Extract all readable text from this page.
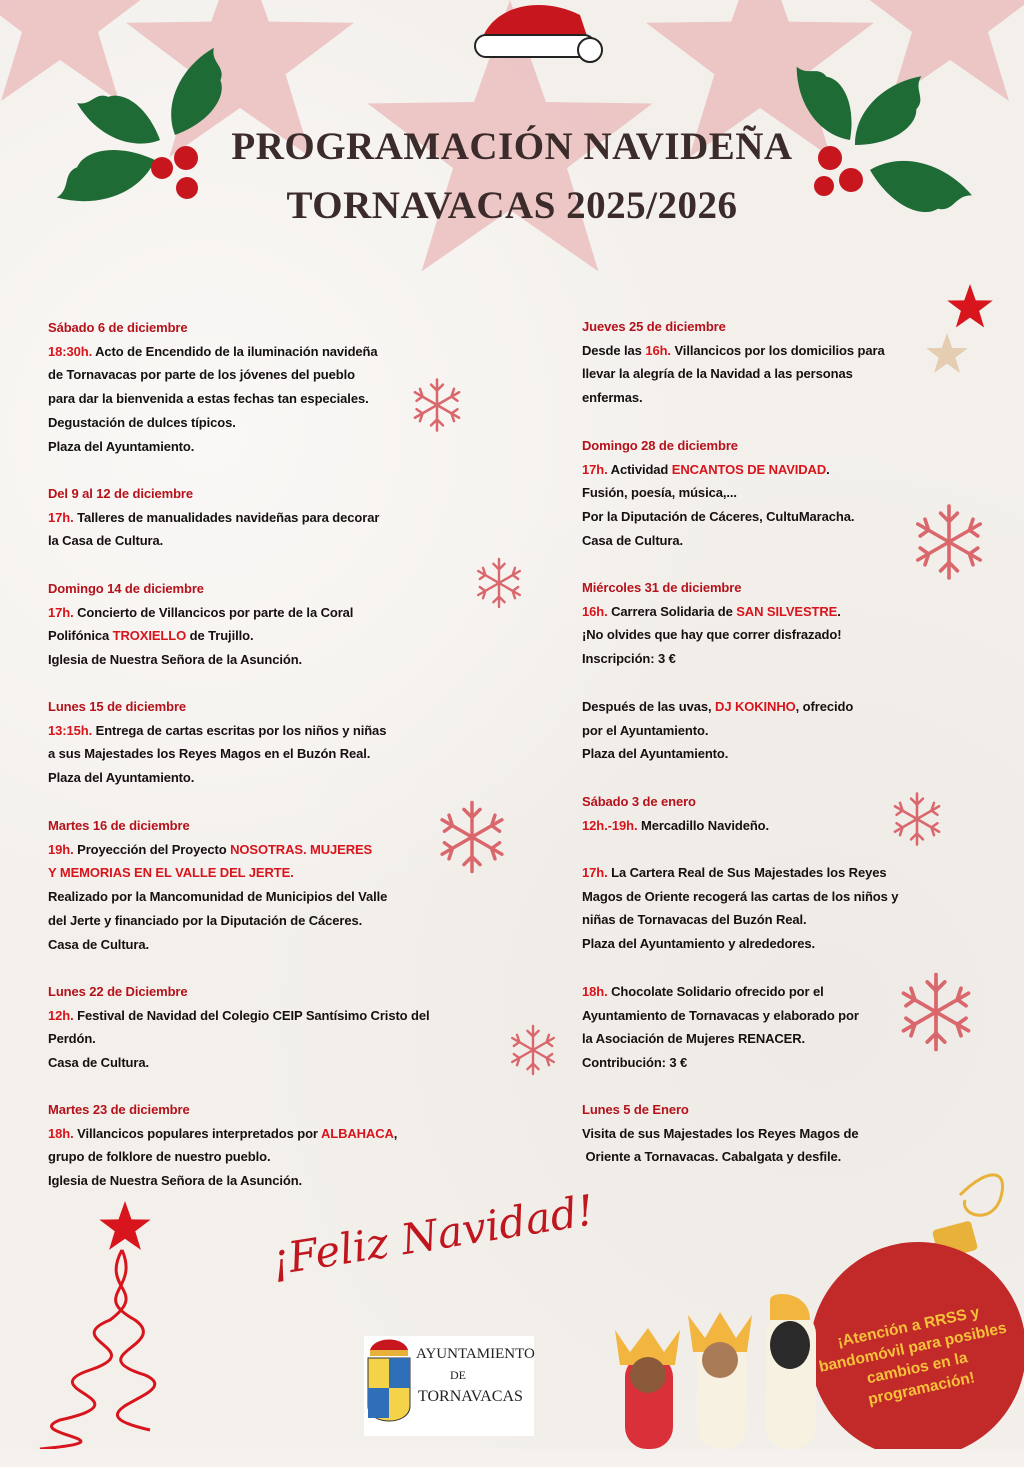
PROGRAMACIÓN NAVIDEÑA
TORNAVACAS 2025/2026
Sábado 6 de diciembre
18:30h. Acto de Encendido de la iluminación navideña
de Tornavacas por parte de los jóvenes del pueblo
para dar la bienvenida a estas fechas tan especiales.
Degustación de dulces típicos.
Plaza del Ayuntamiento.
Del 9 al 12 de diciembre
17h. Talleres de manualidades navideñas para decorar
la Casa de Cultura.
Domingo 14 de diciembre
17h. Concierto de Villancicos por parte de la Coral
Polifónica TROXIELLO de Trujillo.
Iglesia de Nuestra Señora de la Asunción.
Lunes 15 de diciembre
13:15h. Entrega de cartas escritas por los niños y niñas
a sus Majestades los Reyes Magos en el Buzón Real.
Plaza del Ayuntamiento.
Martes 16 de diciembre
19h. Proyección del Proyecto NOSOTRAS. MUJERES
Y MEMORIAS EN EL VALLE DEL JERTE.
Realizado por la Mancomunidad de Municipios del Valle
del Jerte y financiado por la Diputación de Cáceres.
Casa de Cultura.
Lunes 22 de Diciembre
12h. Festival de Navidad del Colegio CEIP Santísimo Cristo del
Perdón.
Casa de Cultura.
Martes 23 de diciembre
18h. Villancicos populares interpretados por ALBAHACA,
grupo de folklore de nuestro pueblo.
Iglesia de Nuestra Señora de la Asunción.
Jueves 25 de diciembre
Desde las 16h. Villancicos por los domicilios para
llevar la alegría de la Navidad a las personas
enfermas.
Domingo 28 de diciembre
17h. Actividad ENCANTOS DE NAVIDAD.
Fusión, poesía, música,...
Por la Diputación de Cáceres, CultuMaracha.
Casa de Cultura.
Miércoles 31 de diciembre
16h. Carrera Solidaria de SAN SILVESTRE.
¡No olvides que hay que correr disfrazado!
Inscripción: 3 €
Después de las uvas, DJ KOKINHO, ofrecido
por el Ayuntamiento.
Plaza del Ayuntamiento.
Sábado 3 de enero
12h.-19h. Mercadillo Navideño.
17h. La Cartera Real de Sus Majestades los Reyes
Magos de Oriente recogerá las cartas de los niños y
niñas de Tornavacas del Buzón Real.
Plaza del Ayuntamiento y alrededores.
18h. Chocolate Solidario ofrecido por el
Ayuntamiento de Tornavacas y elaborado por
la Asociación de Mujeres RENACER.
Contribución: 3 €
Lunes 5 de Enero
Visita de sus Majestades los Reyes Magos de
Oriente a Tornavacas. Cabalgata y desfile.
¡Feliz Navidad!
AYUNTAMIENTO
DE
TORNAVACAS
¡Atención a RRSS y bandomóvil para posibles cambios en la programación!
